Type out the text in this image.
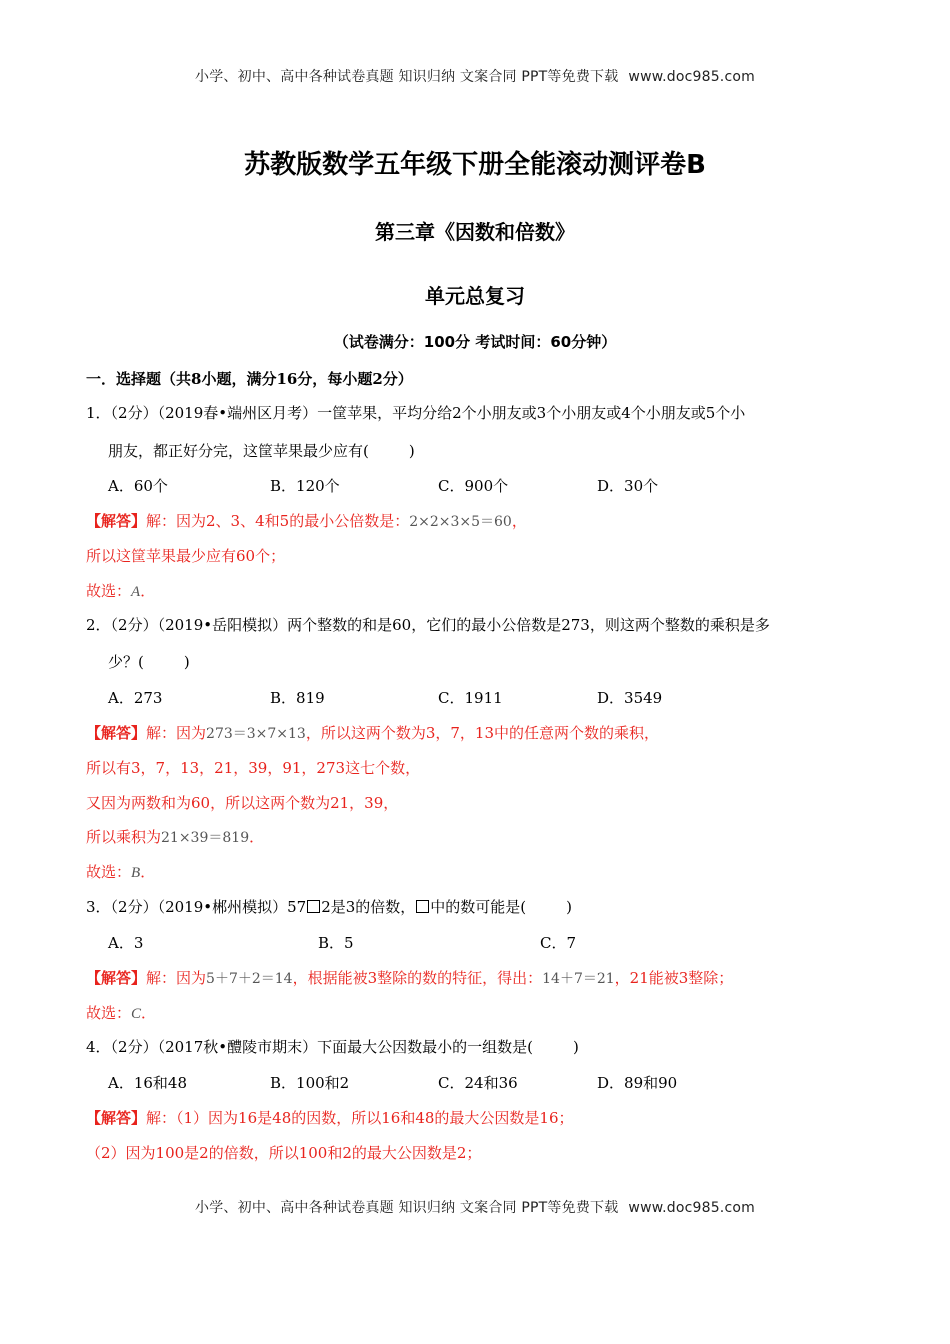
小学、初中、高中各种试卷真题 知识归纳 文案合同 PPT等免费下载 www.doc985.com
苏教版数学五年级下册全能滚动测评卷B
第三章《因数和倍数》
单元总复习
（试卷满分：100分 考试时间：60分钟）
一．选择题（共8小题，满分16分，每小题2分）
1．（2分）（2019春•端州区月考）一筐苹果，平均分给2个小朋友或3个小朋友或4个小朋友或5个小
朋友，都正好分完，这筐苹果最少应有(	)
A．60个	B．120个	C．900个	D．30个
【解答】解：因为2、3、4和5的最小公倍数是：2×2×3×5＝60，
所以这筐苹果最少应有60个；
故选：A．
2．（2分）（2019•岳阳模拟）两个整数的和是60，它们的最小公倍数是273，则这两个整数的乘积是多
少？(	)
A．273	B．819	C．1911	D．3549
【解答】解：因为273＝3×7×13，所以这两个数为3，7，13中的任意两个数的乘积，
所以有3，7，13，21，39，91，273这七个数，
又因为两数和为60，所以这两个数为21，39，
所以乘积为21×39＝819．
故选：B．
3．（2分）（2019•郴州模拟）57 2是3的倍数， 中的数可能是(	)
A．3	B．5	C．7
【解答】解：因为5＋7＋2＝14，根据能被3整除的数的特征，得出：14＋7＝21，21能被3整除；
故选：C．
4．（2分）（2017秋•醴陵市期末）下面最大公因数最小的一组数是(	)
A．16和48	B．100和2	C．24和36	D．89和90
【解答】解：（1）因为16是48的因数，所以16和48的最大公因数是16；
（2）因为100是2的倍数，所以100和2的最大公因数是2；
小学、初中、高中各种试卷真题 知识归纳 文案合同 PPT等免费下载 www.doc985.com
